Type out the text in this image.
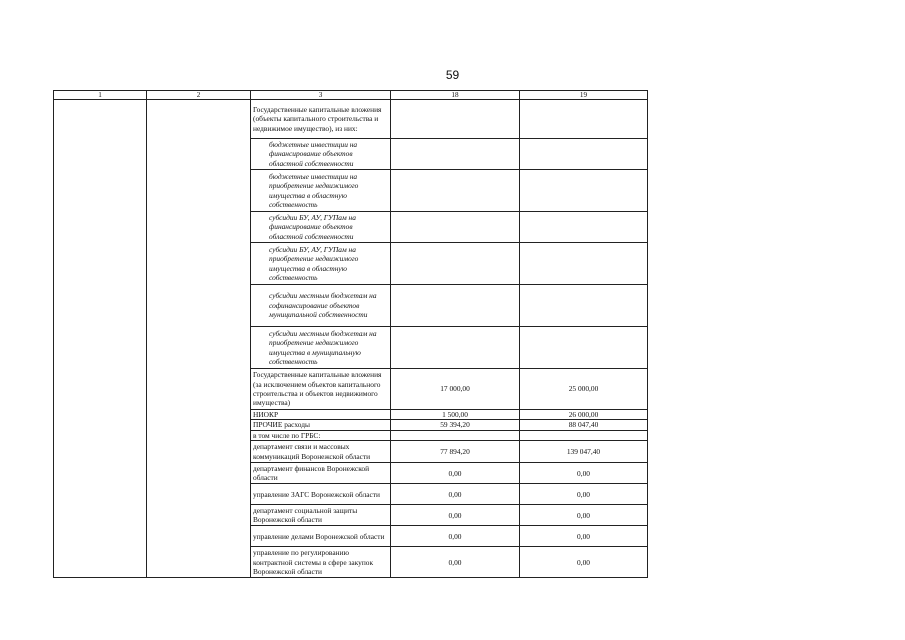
59
1	2	3	18	19
		Государственные капитальные вложения (объекты капитального строительства и недвижимое имущество), из них:		
		бюджетные инвестиции на финансирование объектов областной собственности		
		бюджетные инвестиции на приобретение недвижимого имущества в областную собственность		
		субсидии БУ, АУ, ГУПам на финансирование объектов областной собственности		
		субсидии БУ, АУ, ГУПам на приобретение недвижимого имущества в областную собственность		
		субсидии местным бюджетам на софинансирование объектов муниципальной собственности		
		субсидии местным бюджетам на приобретение недвижимого имущества в муниципальную собственность		
		Государственные капитальные вложения (за исключением объектов капитального строительства и объектов недвижимого имущества)	17 000,00	25 000,00
		НИОКР	1 500,00	26 000,00
		ПРОЧИЕ расходы	59 394,20	88 047,40
		в том числе по ГРБС:		
		департамент связи и массовых коммуникаций Воронежской области	77 894,20	139 047,40
		департамент финансов Воронежской области	0,00	0,00
		управление ЗАГС Воронежской области	0,00	0,00
		департамент социальной защиты Воронежской области	0,00	0,00
		управление делами Воронежской области	0,00	0,00
		управление по регулированию контрактной системы в сфере закупок Воронежской области	0,00	0,00
